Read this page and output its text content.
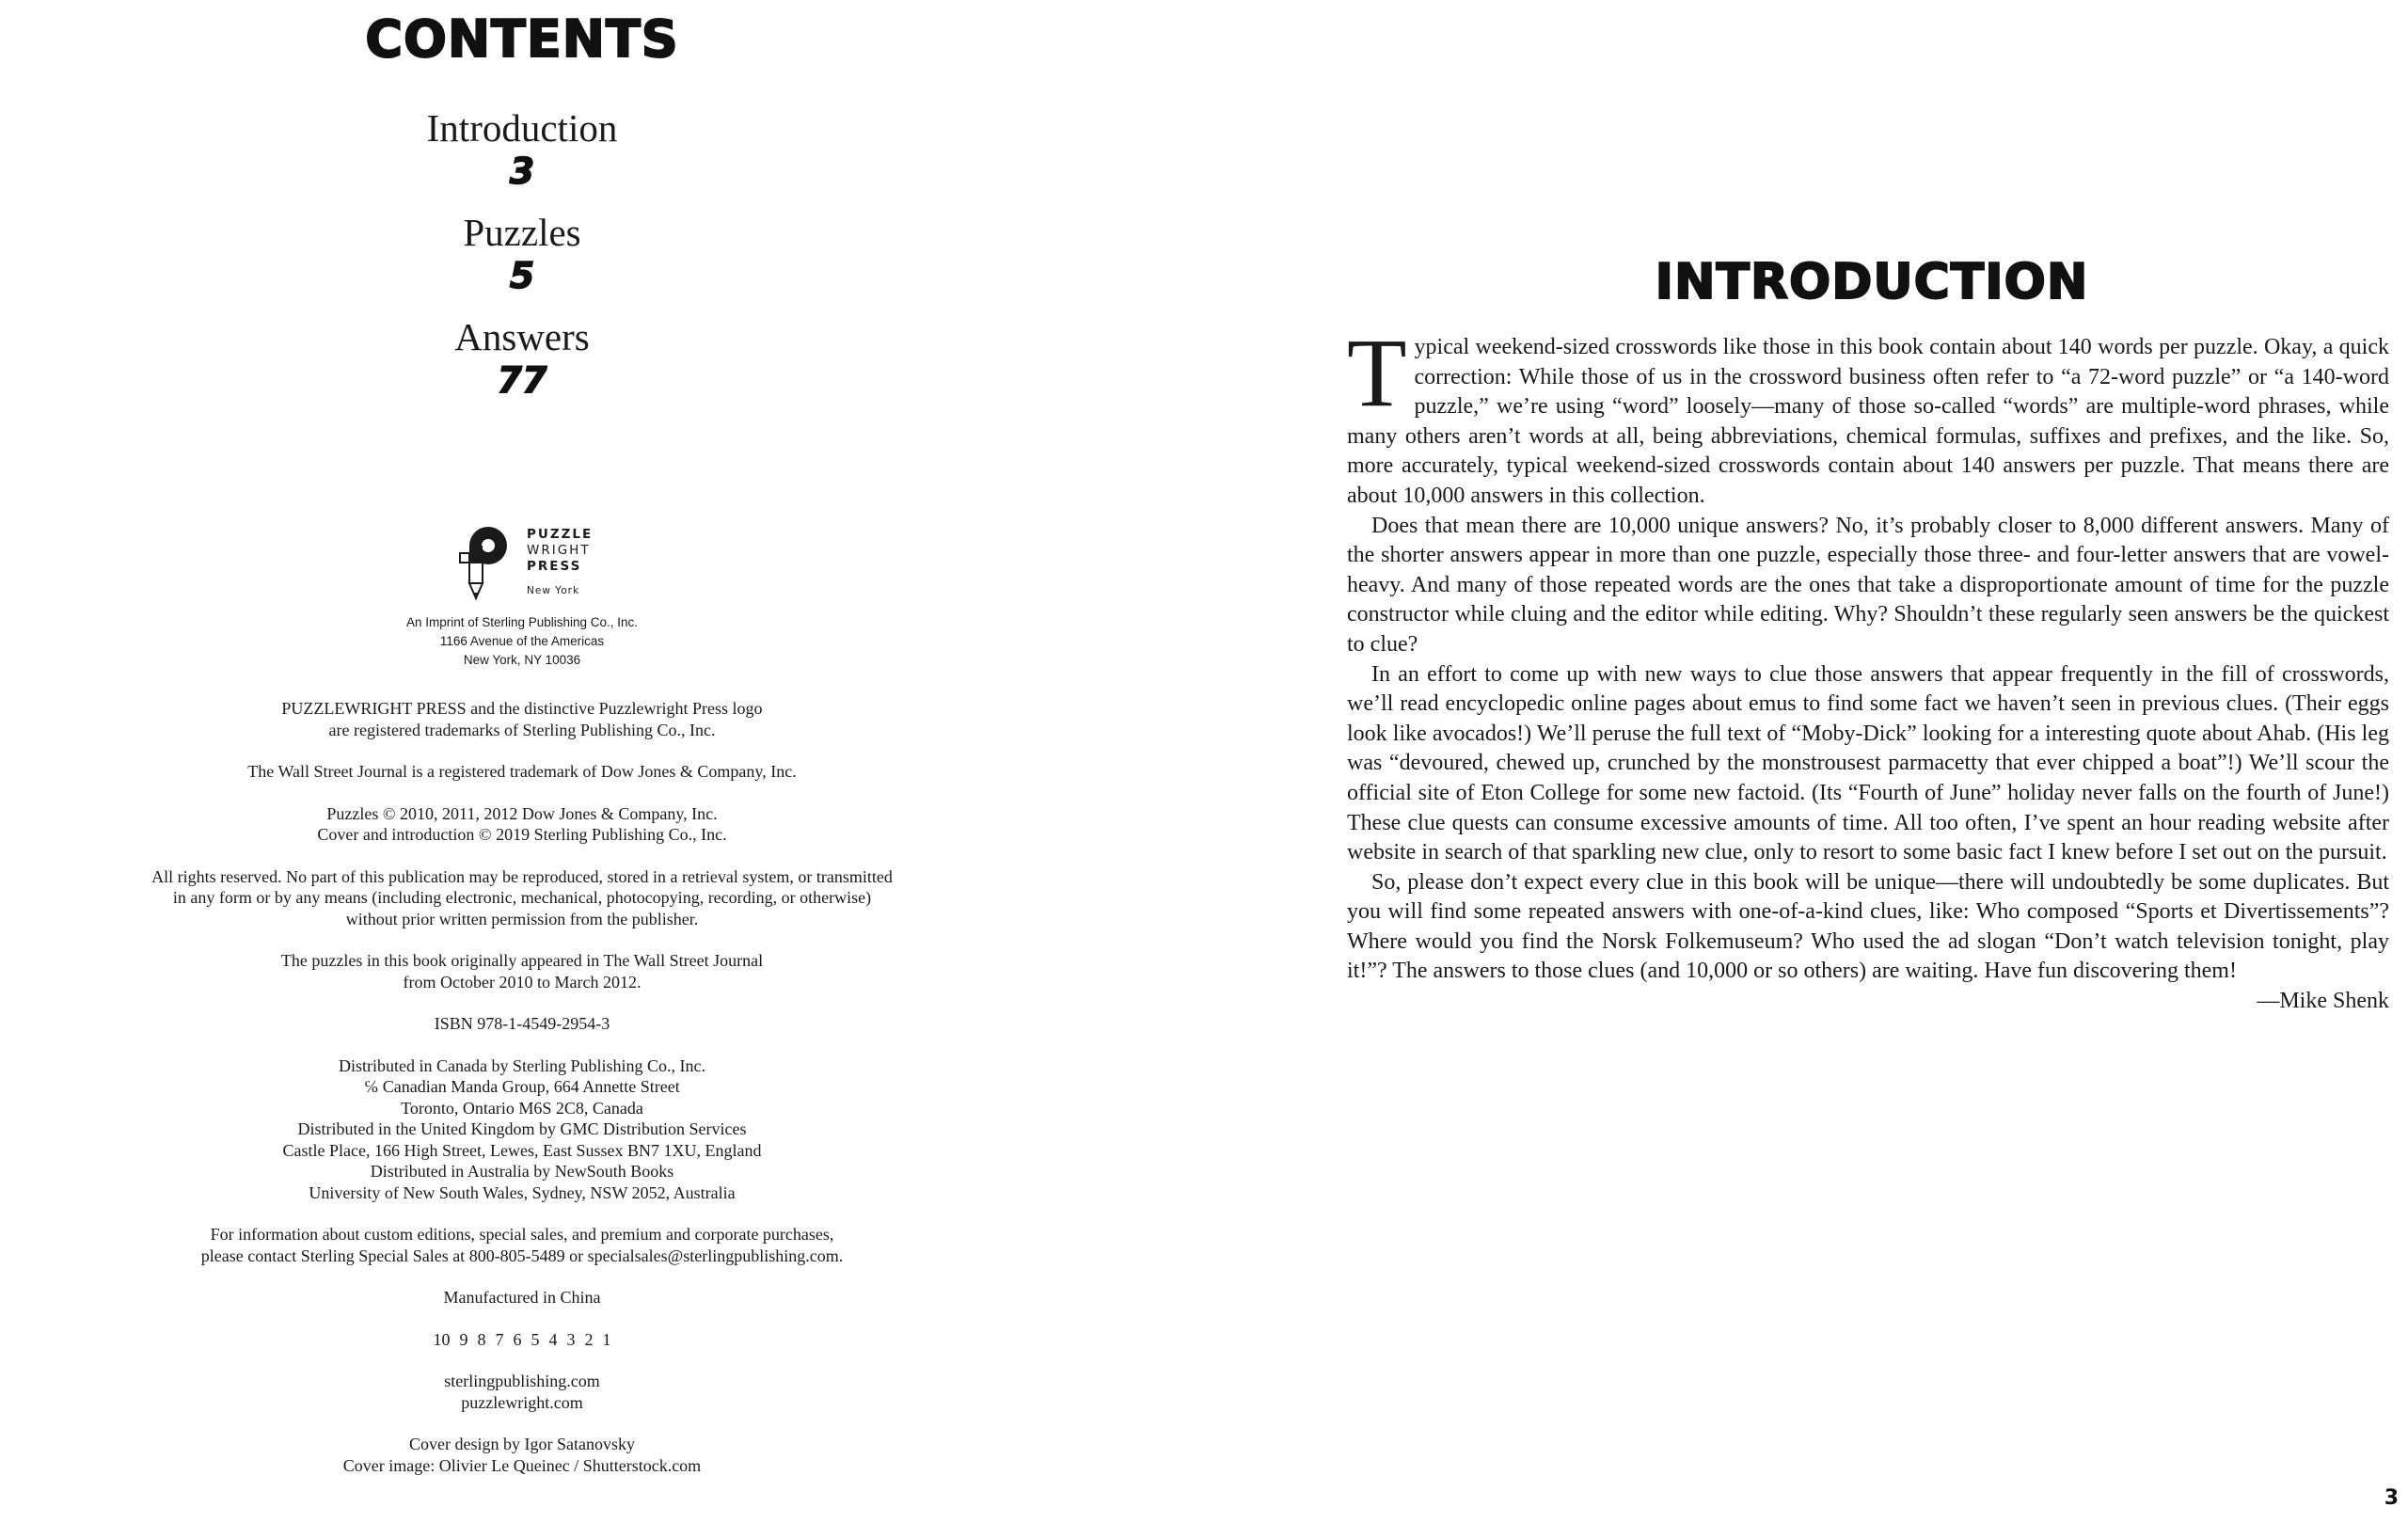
CONTENTS
Introduction
3
Puzzles
5
Answers
77
PUZZLE
WRIGHT
PRESS
New York
An Imprint of Sterling Publishing Co., Inc.
1166 Avenue of the Americas
New York, NY 10036
PUZZLEWRIGHT PRESS and the distinctive Puzzlewright Press logo
are registered trademarks of Sterling Publishing Co., Inc.
The Wall Street Journal is a registered trademark of Dow Jones & Company, Inc.
Puzzles © 2010, 2011, 2012 Dow Jones & Company, Inc.
Cover and introduction © 2019 Sterling Publishing Co., Inc.
All rights reserved. No part of this publication may be reproduced, stored in a retrieval system, or transmitted
in any form or by any means (including electronic, mechanical, photocopying, recording, or otherwise)
without prior written permission from the publisher.
The puzzles in this book originally appeared in The Wall Street Journal
from October 2010 to March 2012.
ISBN 978-1-4549-2954-3
Distributed in Canada by Sterling Publishing Co., Inc.
℅ Canadian Manda Group, 664 Annette Street
Toronto, Ontario M6S 2C8, Canada
Distributed in the United Kingdom by GMC Distribution Services
Castle Place, 166 High Street, Lewes, East Sussex BN7 1XU, England
Distributed in Australia by NewSouth Books
University of New South Wales, Sydney, NSW 2052, Australia
For information about custom editions, special sales, and premium and corporate purchases,
please contact Sterling Special Sales at 800-805-5489 or specialsales@sterlingpublishing.com.
Manufactured in China
10 9 8 7 6 5 4 3 2 1
sterlingpublishing.com
puzzlewright.com
Cover design by Igor Satanovsky
Cover image: Olivier Le Queinec / Shutterstock.com
INTRODUCTION

Typical weekend-sized crosswords like those in this book contain about 140 words per puzzle. Okay, a quick correction: While those of us in the crossword business often refer to “a 72-word puzzle” or “a 140-word puzzle,” we’re using “word” loosely—many of those so-called “words” are multiple-word phrases, while many others aren’t words at all, being abbreviations, chemical formulas, suffixes and prefixes, and the like. So, more accurately, typical weekend-sized crosswords contain about 140 answers per puzzle. That means there are about 10,000 answers in this collection.

Does that mean there are 10,000 unique answers? No, it’s probably closer to 8,000 different answers. Many of the shorter answers appear in more than one puzzle, especially those three- and four-letter answers that are vowel-heavy. And many of those repeated words are the ones that take a disproportionate amount of time for the puzzle constructor while cluing and the editor while editing. Why? Shouldn’t these regularly seen answers be the quickest to clue?

In an effort to come up with new ways to clue those answers that appear frequently in the fill of crosswords, we’ll read encyclopedic online pages about emus to find some fact we haven’t seen in previous clues. (Their eggs look like avocados!) We’ll peruse the full text of “Moby-Dick” looking for a interesting quote about Ahab. (His leg was “devoured, chewed up, crunched by the monstrousest parmacetty that ever chipped a boat”!) We’ll scour the official site of Eton College for some new factoid. (Its “Fourth of June” holiday never falls on the fourth of June!) These clue quests can consume excessive amounts of time. All too often, I’ve spent an hour reading website after website in search of that sparkling new clue, only to resort to some basic fact I knew before I set out on the pursuit.

So, please don’t expect every clue in this book will be unique—there will undoubtedly be some duplicates. But you will find some repeated answers with one-of-a-kind clues, like: Who composed “Sports et Divertissements”? Where would you find the Norsk Folkemuseum? Who used the ad slogan “Don’t watch television tonight, play it!”? The answers to those clues (and 10,000 or so others) are waiting. Have fun discovering them!

—Mike Shenk

3
